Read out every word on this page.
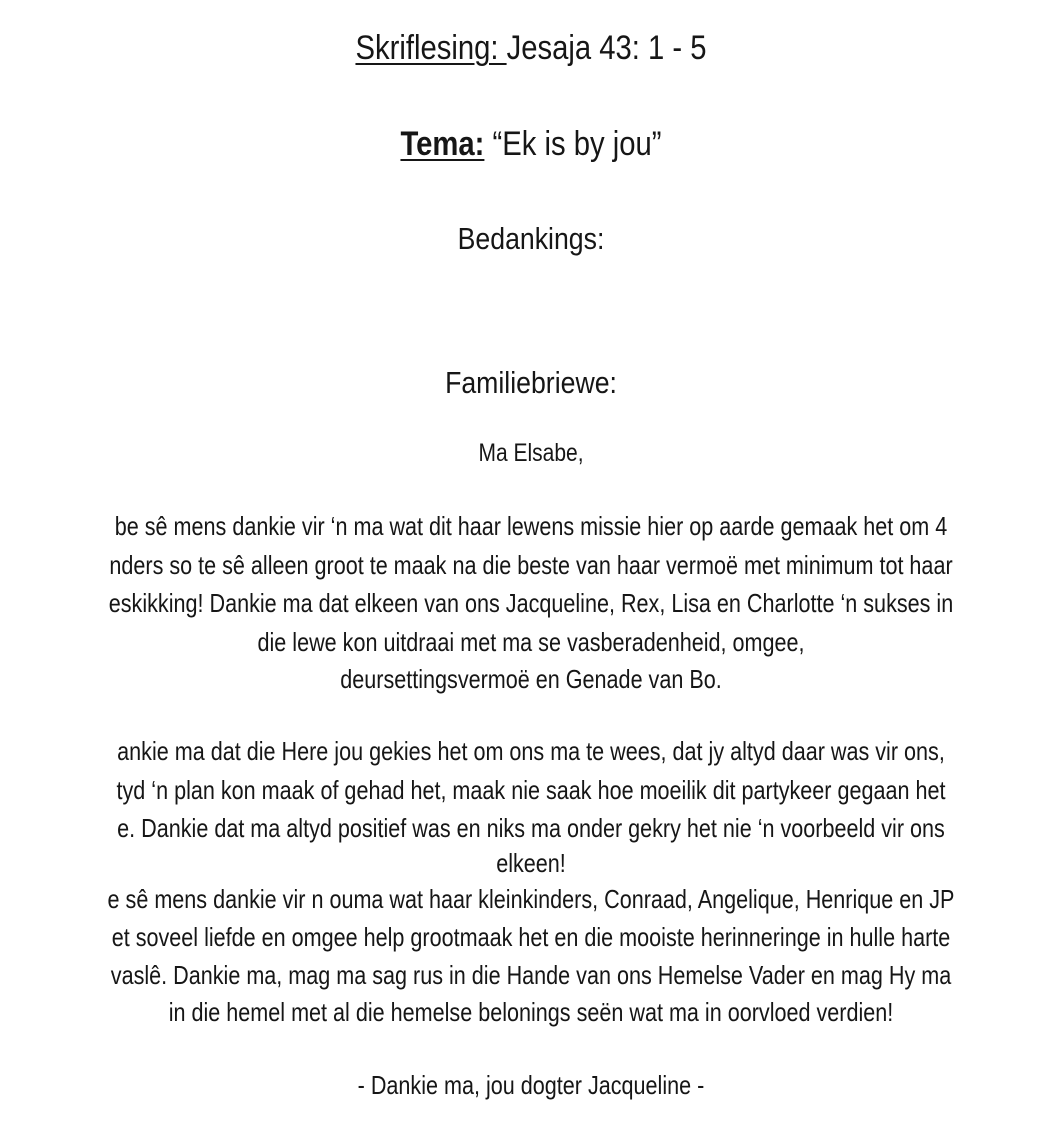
Skriflesing: Jesaja 43: 1 - 5
Tema: “Ek is by jou”
Bedankings:
Familiebriewe:
Ma Elsabe,
be sê mens dankie vir ‘n ma wat dit haar lewens missie hier op aarde gemaak het om 4
nders so te sê alleen groot te maak na die beste van haar vermoë met minimum tot haar
eskikking! Dankie ma dat elkeen van ons Jacqueline, Rex, Lisa en Charlotte ‘n sukses in
die lewe kon uitdraai met ma se vasberadenheid, omgee,
deursettingsvermoë en Genade van Bo.
ankie ma dat die Here jou gekies het om ons ma te wees, dat jy altyd daar was vir ons,
tyd ‘n plan kon maak of gehad het, maak nie saak hoe moeilik dit partykeer gegaan het
e. Dankie dat ma altyd positief was en niks ma onder gekry het nie ‘n voorbeeld vir ons
elkeen!
e sê mens dankie vir n ouma wat haar kleinkinders, Conraad, Angelique, Henrique en JP
et soveel liefde en omgee help grootmaak het en die mooiste herinneringe in hulle harte
vaslê. Dankie ma, mag ma sag rus in die Hande van ons Hemelse Vader en mag Hy ma
in die hemel met al die hemelse belonings seën wat ma in oorvloed verdien!
- Dankie ma, jou dogter Jacqueline -
